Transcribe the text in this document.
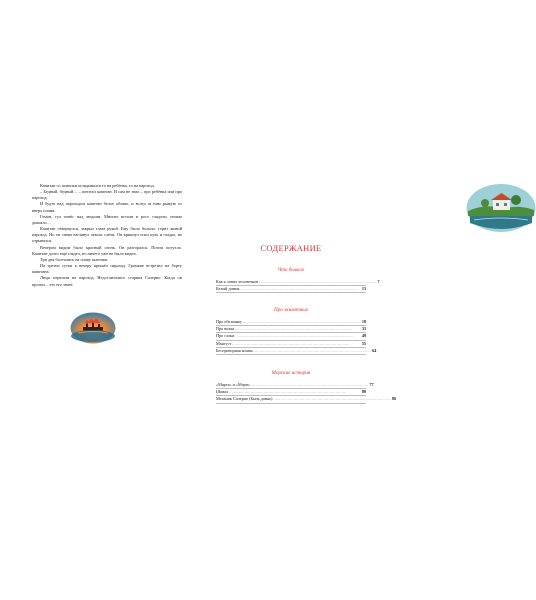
Капитан со шлюпки оглядывался то на ребёнка, то на пароход.

– Бедный, бедный… – шептал капитан. И сам не знал – про ребёнка или про пароход.

И будто над пароходом капитан белое облако, и вслед за ним рыжую от вверх пламя.

Гомон, гул понёс над людьми. Многие встали в рост, глядели, ночью дышало…

Капитан отвернулся, закрыл глаза рукой. Ему было больно: горит живой пароход. Но он снова взглянул сквозь слёзы. Он крикнул опал куль и гладко, не отрывался.

Вечером видим было красный огонь. Он разгорался. Потом потухло. Капитан долго ещё глядел, но ничего уже не было видно.

Три дня болтались на плаву шлюпки.

На третьи сутки к вечеру пришёл пароход. Громкие встретил на борту капитана.

Люди перешли на пароход. Недосчитались старика Салерно. Когда он пропал – это его знает.

СОДЕРЖАНИЕ
Что бывало
Как я ловил человечков .................................................................................................. 7
Белый домик .................................................................................................. 13
Про животных
Про обезьянку .................................................................................................. 18
Про волка ..................................................................................................	33
Про слона ..................................................................................................	49
Мангуст ..................................................................................................	55
Беспризорная кошка .................................................................................................. 64
Морские истории
«Марта» и «Мэри» .................................................................................................. 77
Шквал ..................................................................................................	80
Механик Салерно (Быль давно) .................................................................................................. 86
